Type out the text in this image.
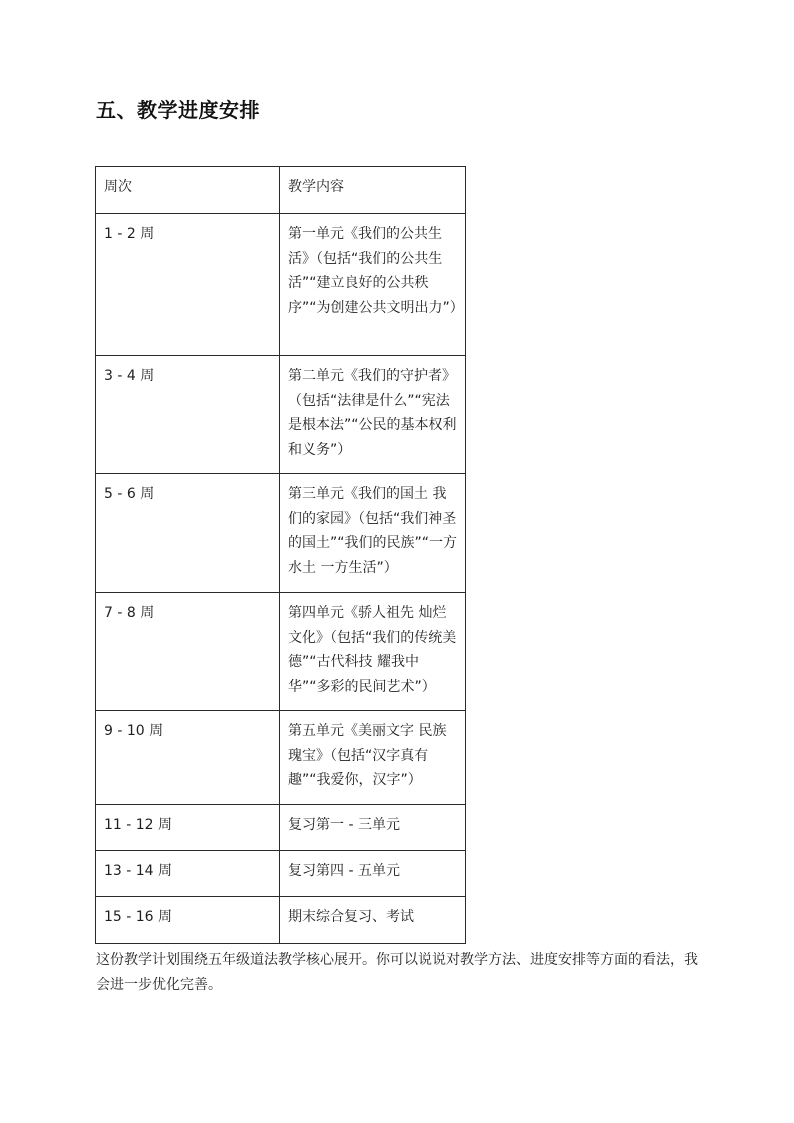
五、教学进度安排
周次	教学内容
1 - 2 周	第一单元《我们的公共生活》（包括“我们的公共生活”“建立良好的公共秩序”“为创建公共文明出力”）
3 - 4 周	第二单元《我们的守护者》（包括“法律是什么”“宪法是根本法”“公民的基本权利和义务”）
5 - 6 周	第三单元《我们的国土 我们的家园》（包括“我们神圣的国土”“我们的民族”“一方水土 一方生活”）
7 - 8 周	第四单元《骄人祖先 灿烂文化》（包括“我们的传统美德”“古代科技 耀我中华”“多彩的民间艺术”）
9 - 10 周	第五单元《美丽文字 民族瑰宝》（包括“汉字真有趣”“我爱你，汉字”）
11 - 12 周	复习第一 - 三单元
13 - 14 周	复习第四 - 五单元
15 - 16 周	期末综合复习、考试

这份教学计划围绕五年级道法教学核心展开。你可以说说对教学方法、进度安排等方面的看法，我会进一步优化完善。
